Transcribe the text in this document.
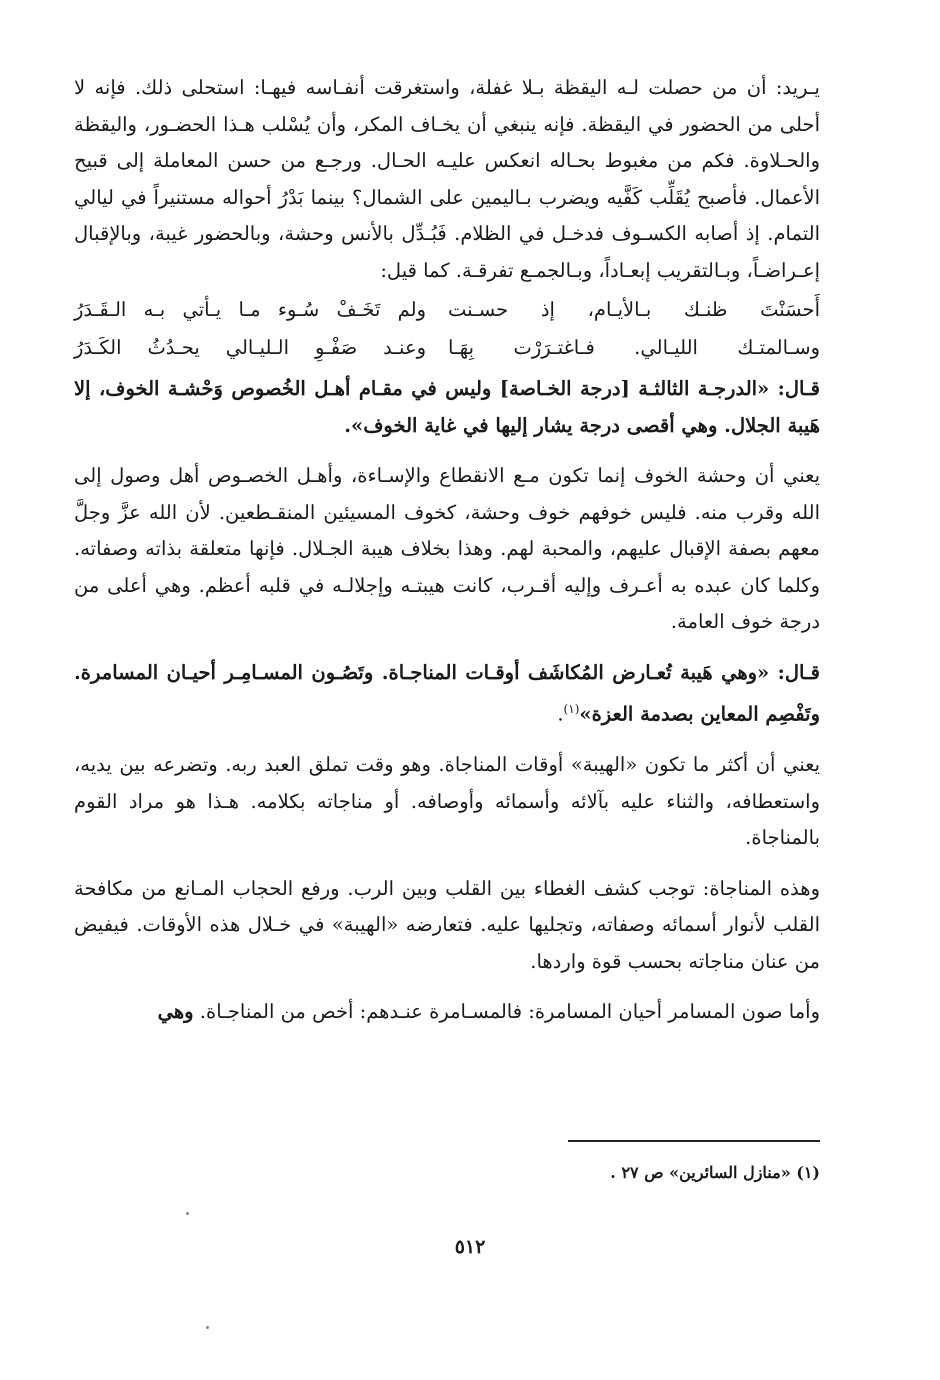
يـريد: أن من حصلت لـه اليقظة بـلا غفلة، واستغرقت أنفـاسه فيهـا: استحلى ذلك. فإنه لا أحلى من الحضور في اليقظة. فإنه ينبغي أن يخـاف المكر، وأن يُسْلب هـذا الحضـور، واليقظة والحـلاوة. فكم من مغبوط بحـاله انعكس عليـه الحـال. ورجـع من حسن المعاملة إلى قبيح الأعمال. فأصبح يُقَلِّب كَفَّيه ويضرب بـاليمين على الشمال؟ بينما بَدْرُ أحواله مستنيراً في ليالي التمام. إذ أصابه الكسـوف فدخـل في الظلام. فَبُـدِّل بالأنس وحشة، وبالحضور غيبة، وبالإقبال إعـراضـاً، وبـالتقريب إبعـاداً، وبـالجمـع تفرقـة. كما قيل:

أَحسَنْتَ ظنـك بـالأيـام، إذ حسـنت
ولم تَخَـفْ سُـوء مـا يـأتي بـه الـقَـدَرُ
وسـالمتـك الليـالي. فـاغتـرَرْت بِهَـا
وعنـد صَفْـوِ الـليـالي يحـدُثُ الكَـدَرُ

قـال: «الدرجـة الثالثـة [درجة الخـاصة] وليس في مقـام أهـل الخُصوص وَحْشـة الخوف، إلا هَيبة الجلال. وهي أقصى درجة يشار إليها في غاية الخوف».

يعني أن وحشة الخوف إنما تكون مـع الانقطاع والإسـاءة، وأهـل الخصـوص أهل وصول إلى الله وقرب منه. فليس خوفهم خوف وحشة، كخوف المسيئين المنقـطعين. لأن الله عزَّ وجلَّ معهم بصفة الإقبال عليهم، والمحبة لهم. وهذا بخلاف هيبة الجـلال. فإنها متعلقة بذاته وصفاته. وكلما كان عبده به أعـرف وإليه أقـرب، كانت هيبتـه وإجلالـه في قلبه أعظم. وهي أعلى من درجة خوف العامة.

قـال: «وهي هَيبة تُعـارض المُكاشَف أوقـات المناجـاة. وتَصُـون المسـامِـر أحيـان المسامرة. وتَفْصِم المعاين بصدمة العزة»$^{(١)}$.

يعني أن أكثر ما تكون «الهيبة» أوقات المناجاة. وهو وقت تملق العبد ربه. وتضرعه بين يديه، واستعطافه، والثناء عليه بآلائه وأسمائه وأوصافه. أو مناجاته بكلامه. هـذا هو مراد القوم بالمناجاة.

وهذه المناجاة: توجب كشف الغطاء بين القلب وبين الرب. ورفع الحجاب المـانع من مكافحة القلب لأنوار أسمائه وصفاته، وتجليها عليه. فتعارضه «الهيبة» في خـلال هذه الأوقات. فيفيض من عنان مناجاته بحسب قوة واردها.

وأما صون المسامر أحيان المسامرة: فالمسـامرة عنـدهم: أخص من المناجـاة. وهي

(١) «منازل السائرين» ص ٢٧ .
٥١٢
